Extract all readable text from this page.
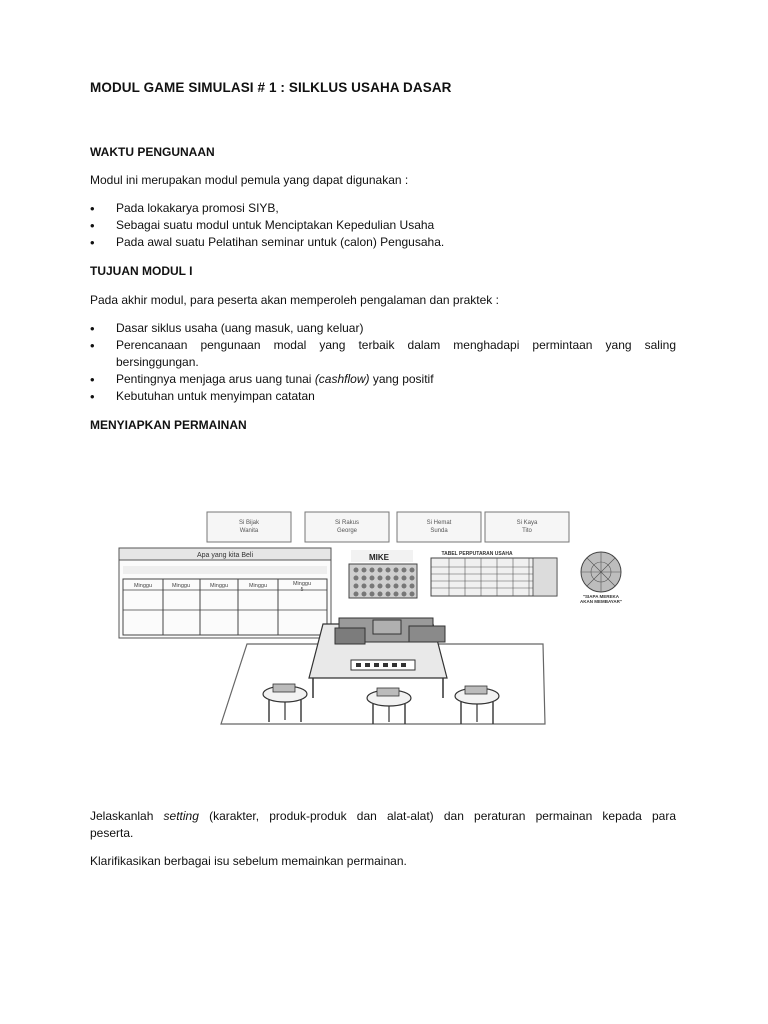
MODUL GAME SIMULASI # 1 : SILKLUS USAHA DASAR
WAKTU PENGUNAAN
Modul ini merupakan modul pemula yang dapat digunakan :
• Pada lokakarya promosi SIYB,
• Sebagai suatu modul untuk Menciptakan Kepedulian Usaha
• Pada awal suatu Pelatihan seminar untuk (calon) Pengusaha.
TUJUAN MODUL I
Pada akhir modul, para peserta akan memperoleh pengalaman dan praktek :
• Dasar siklus usaha (uang masuk, uang keluar)
• Perencanaan pengunaan modal yang terbaik dalam menghadapi permintaan yang saling
bersinggungan.
• Pentingnya menjaga arus uang tunai (cashflow) yang positif
• Kebutuhan untuk menyimpan catatan
MENYIAPKAN PERMAINAN
Si Bijak
Wanita
Si Rakus
George
Si Hemat
Sunda
Si Kaya
Tito
Apa yang kita Beli
Minggu	Minggu	Minggu	Minggu	Minggu
5
MIKE	TABEL PERPUTARAN USAHA
"SIAPA MEREKA
AKAN MEMBAYAR"
Jelaskanlah setting (karakter, produk-produk dan alat-alat) dan peraturan permainan kepada para
peserta.
Klarifikasikan berbagai isu sebelum memainkan permainan.
